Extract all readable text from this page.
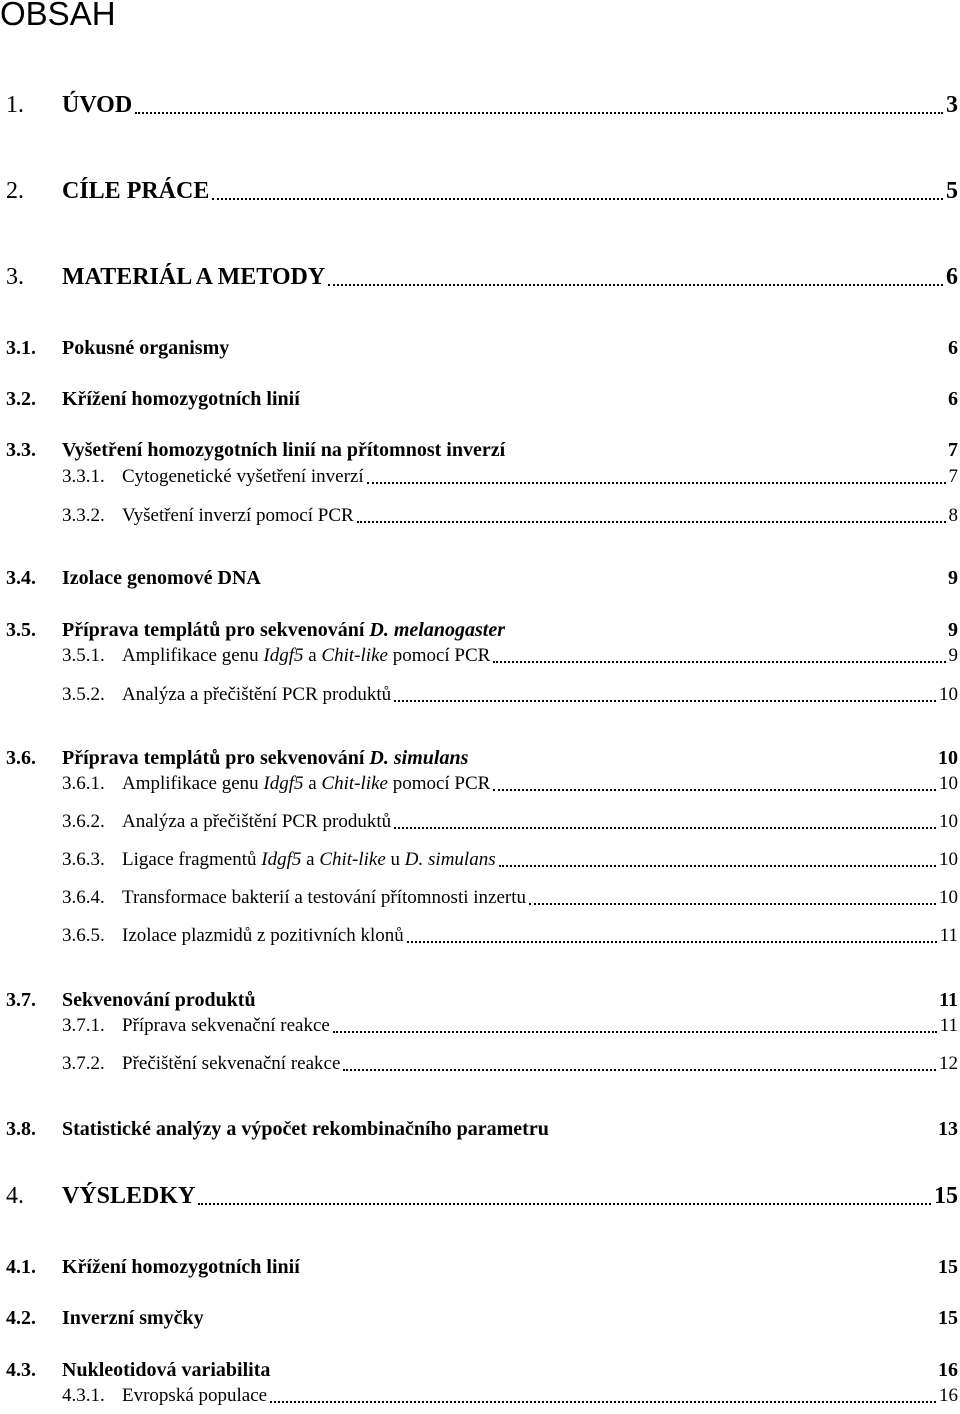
OBSAH
1. ÚVOD	3
2. CÍLE PRÁCE	5
3. MATERIÁL A METODY	6
3.1. Pokusné organismy	6
3.2. Křížení homozygotních linií	6
3.3. Vyšetření homozygotních linií na přítomnost inverzí	7
3.3.1. Cytogenetické vyšetření inverzí	7
3.3.2. Vyšetření inverzí pomocí PCR	8
3.4. Izolace genomové DNA	9
3.5. Příprava templátů pro sekvenování D. melanogaster	9
3.5.1. Amplifikace genu Idgf5 a Chit-like pomocí PCR	9
3.5.2. Analýza a přečištění PCR produktů	10
3.6. Příprava templátů pro sekvenování D. simulans	10
3.6.1. Amplifikace genu Idgf5 a Chit-like pomocí PCR	10
3.6.2. Analýza a přečištění PCR produktů	10
3.6.3. Ligace fragmentů Idgf5 a Chit-like u D. simulans	10
3.6.4. Transformace bakterií a testování přítomnosti inzertu	10
3.6.5. Izolace plazmidů z pozitivních klonů	11
3.7. Sekvenování produktů	11
3.7.1. Příprava sekvenační reakce	11
3.7.2. Přečištění sekvenační reakce	12
3.8. Statistické analýzy a výpočet rekombinačního parametru	13
4. VÝSLEDKY	15
4.1. Křížení homozygotních linií	15
4.2. Inverzní smyčky	15
4.3. Nukleotidová variabilita	16
4.3.1. Evropská populace	16
